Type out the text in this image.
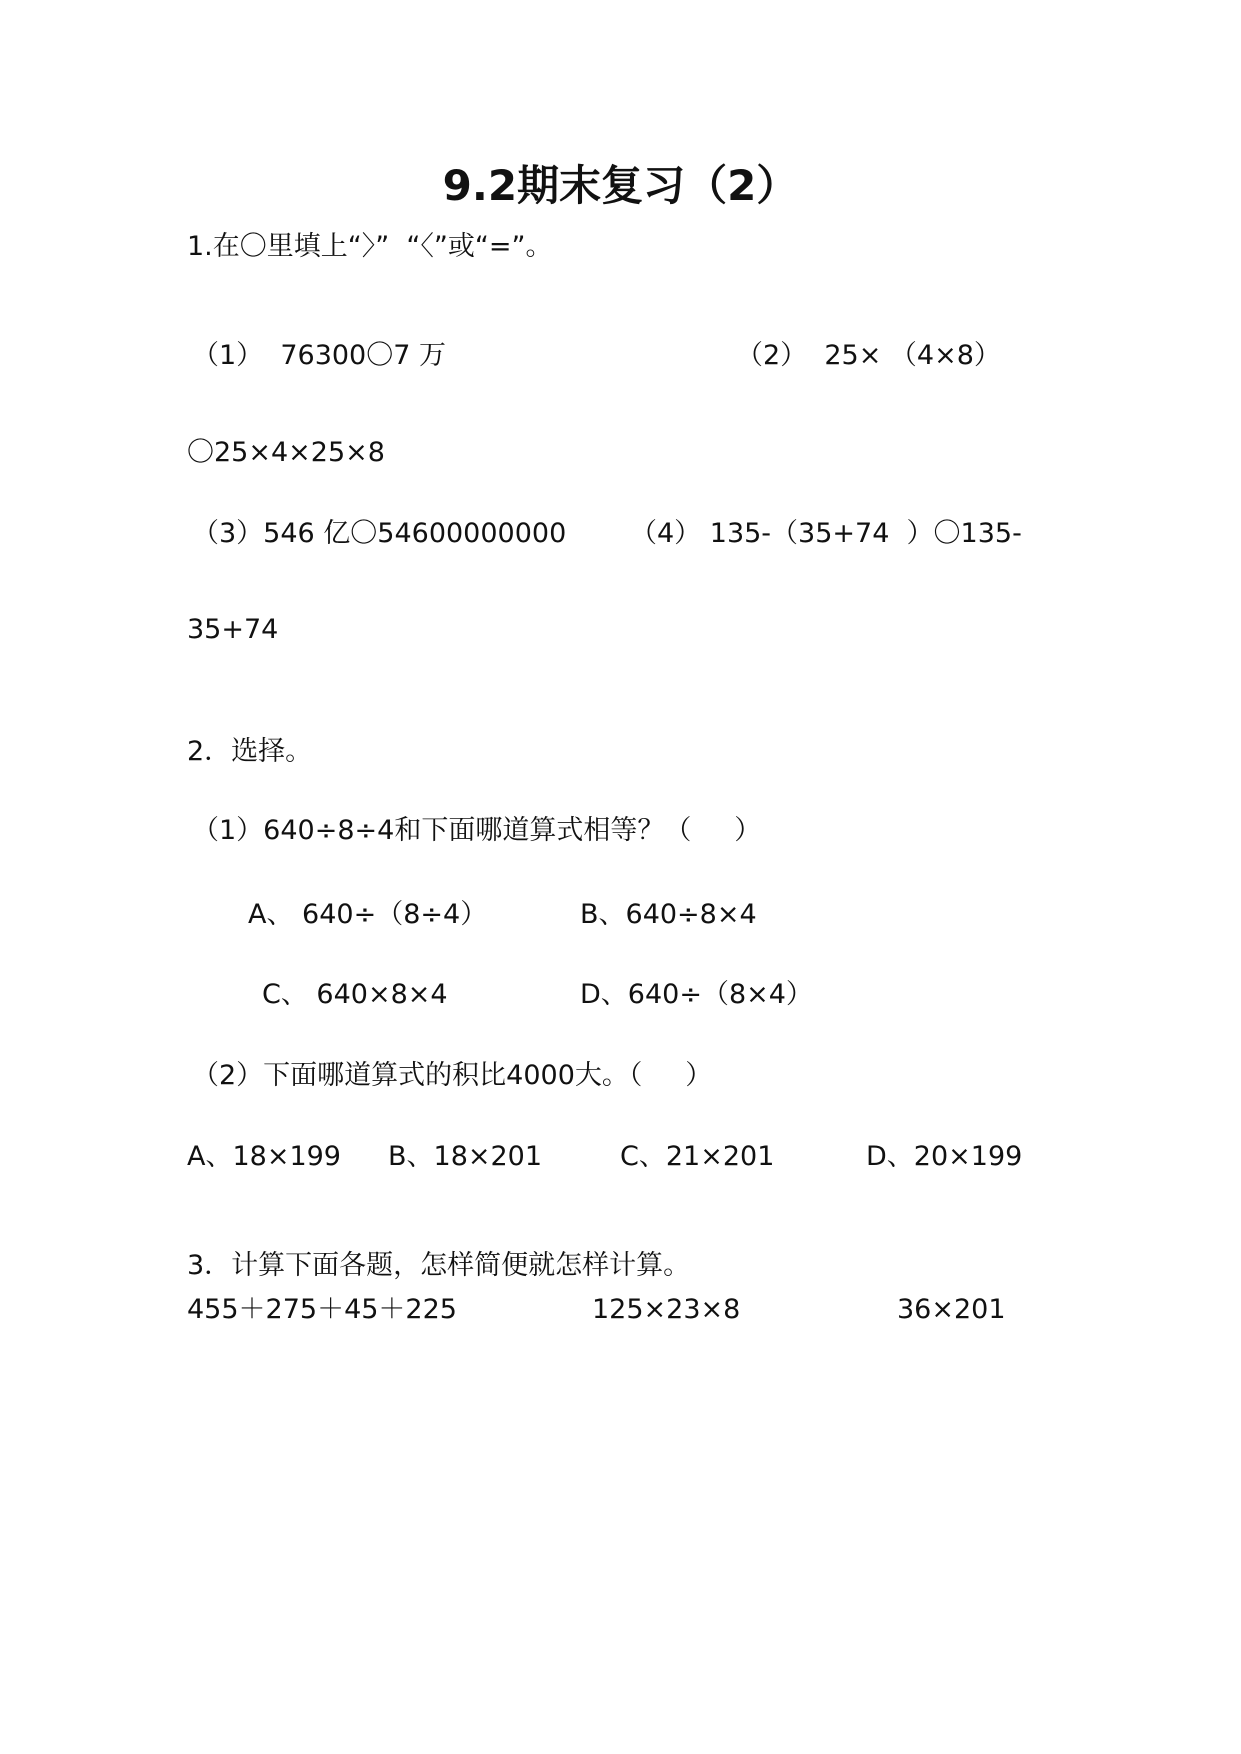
9.2期末复习（2）
1.在〇里填上“〉”  “〈”或“=”。
（1）  76300〇7 万	（2）  25× （4×8）
〇25×4×25×8
（3）546 亿〇54600000000 （4） 135-（35+74  ）〇135-
35+74
2．选择。
（1）640÷8÷4和下面哪道算式相等？（     ）
A、 640÷（8÷4）	B、640÷8×4
C、 640×8×4	D、640÷（8×4）
（2）下面哪道算式的积比4000大。（     ）
A、18×199 B、18×201	C、21×201	D、20×199
3．计算下面各题，怎样简便就怎样计算。
455＋275＋45＋225	125×23×8	36×201
